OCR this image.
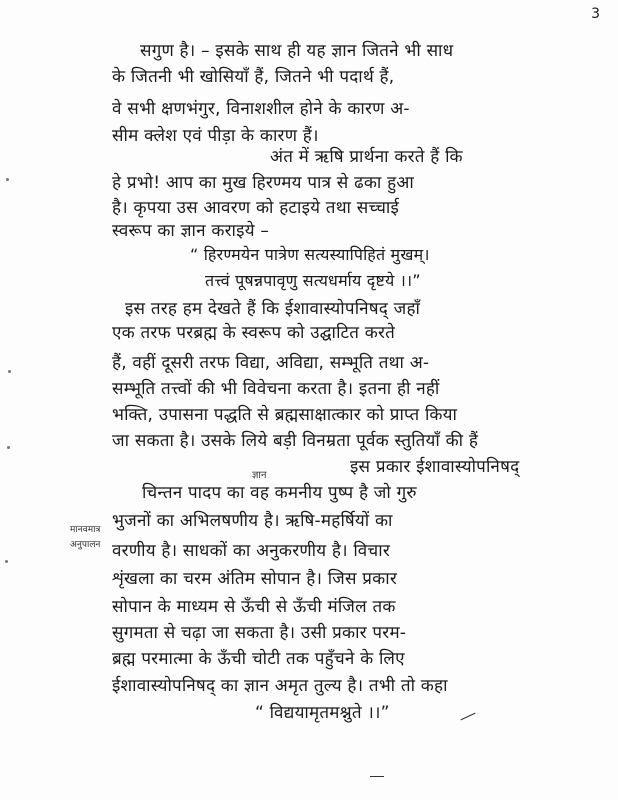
3
सगुण है। – इसके साथ ही यह ज्ञान जितने भी साध
के जितनी भी खोसियाँ हैं, जितने भी पदार्थ हैं,
वे सभी क्षणभंगुर, विनाशशील होने के कारण अ-
सीम क्लेश एवं पीड़ा के कारण हैं।
अंत में ऋषि प्रार्थना करते हैं कि
हे प्रभो! आप का मुख हिरण्मय पात्र से ढका हुआ
है। कृपया उस आवरण को हटाइये तथा सच्चाई
स्वरूप का ज्ञान कराइये –
“ हिरण्मयेन पात्रेण सत्यस्यापिहितं मुखम्।
तत्त्वं पूषन्नपावृणु सत्यधर्माय दृष्टये ।।”
इस तरह हम देखते हैं कि ईशावास्योपनिषद् जहाँ
एक तरफ परब्रह्म के स्वरूप को उद्घाटित करते
हैं, वहीं दूसरी तरफ विद्या, अविद्या, सम्भूति तथा अ-
सम्भूति तत्त्वों की भी विवेचना करता है। इतना ही नहीं
भक्ति, उपासना पद्धति से ब्रह्मसाक्षात्कार को प्राप्त किया
जा सकता है। उसके लिये बड़ी विनम्रता पूर्वक स्तुतियाँ की हैं
इस प्रकार ईशावास्योपनिषद्
ज्ञान
चिन्तन पादप का वह कमनीय पुष्प है जो गुरु
भुजनों का अभिलषणीय है। ऋषि-महर्षियों का
मानवमात्र
अनुपालन वरणीय है। साधकों का अनुकरणीय है। विचार
शृंखला का चरम अंतिम सोपान है। जिस प्रकार
सोपान के माध्यम से ऊँची से ऊँची मंजिल तक
सुगमता से चढ़ा जा सकता है। उसी प्रकार परम-
ब्रह्म परमात्मा के ऊँची चोटी तक पहुँचने के लिए
ईशावास्योपनिषद् का ज्ञान अमृत तुल्य है। तभी तो कहा
“ विद्ययामृतमश्नुते ।।”
